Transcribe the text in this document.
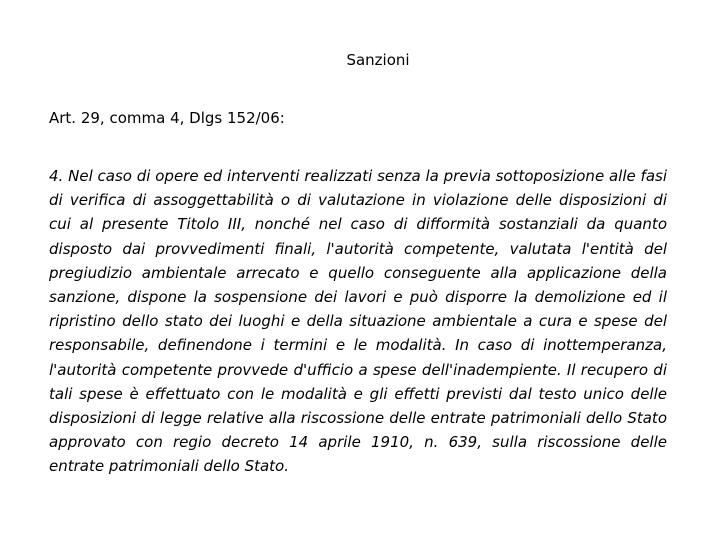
Sanzioni
Art. 29, comma 4, Dlgs 152/06:
4. Nel caso di opere ed interventi realizzati senza la previa sottoposizione alle fasi di verifica di assoggettabilità o di valutazione in violazione delle disposizioni di cui al presente Titolo III, nonché nel caso di difformità sostanziali da quanto disposto dai provvedimenti finali, l'autorità competente, valutata l'entità del pregiudizio ambientale arrecato e quello conseguente alla applicazione della sanzione, dispone la sospensione dei lavori e può disporre la demolizione ed il ripristino dello stato dei luoghi e della situazione ambientale a cura e spese del responsabile, definendone i termini e le modalità. In caso di inottemperanza, l'autorità competente provvede d'ufficio a spese dell'inadempiente. Il recupero di tali spese è effettuato con le modalità e gli effetti previsti dal testo unico delle disposizioni di legge relative alla riscossione delle entrate patrimoniali dello Stato approvato con regio decreto 14 aprile 1910, n. 639, sulla riscossione delle entrate patrimoniali dello Stato.
